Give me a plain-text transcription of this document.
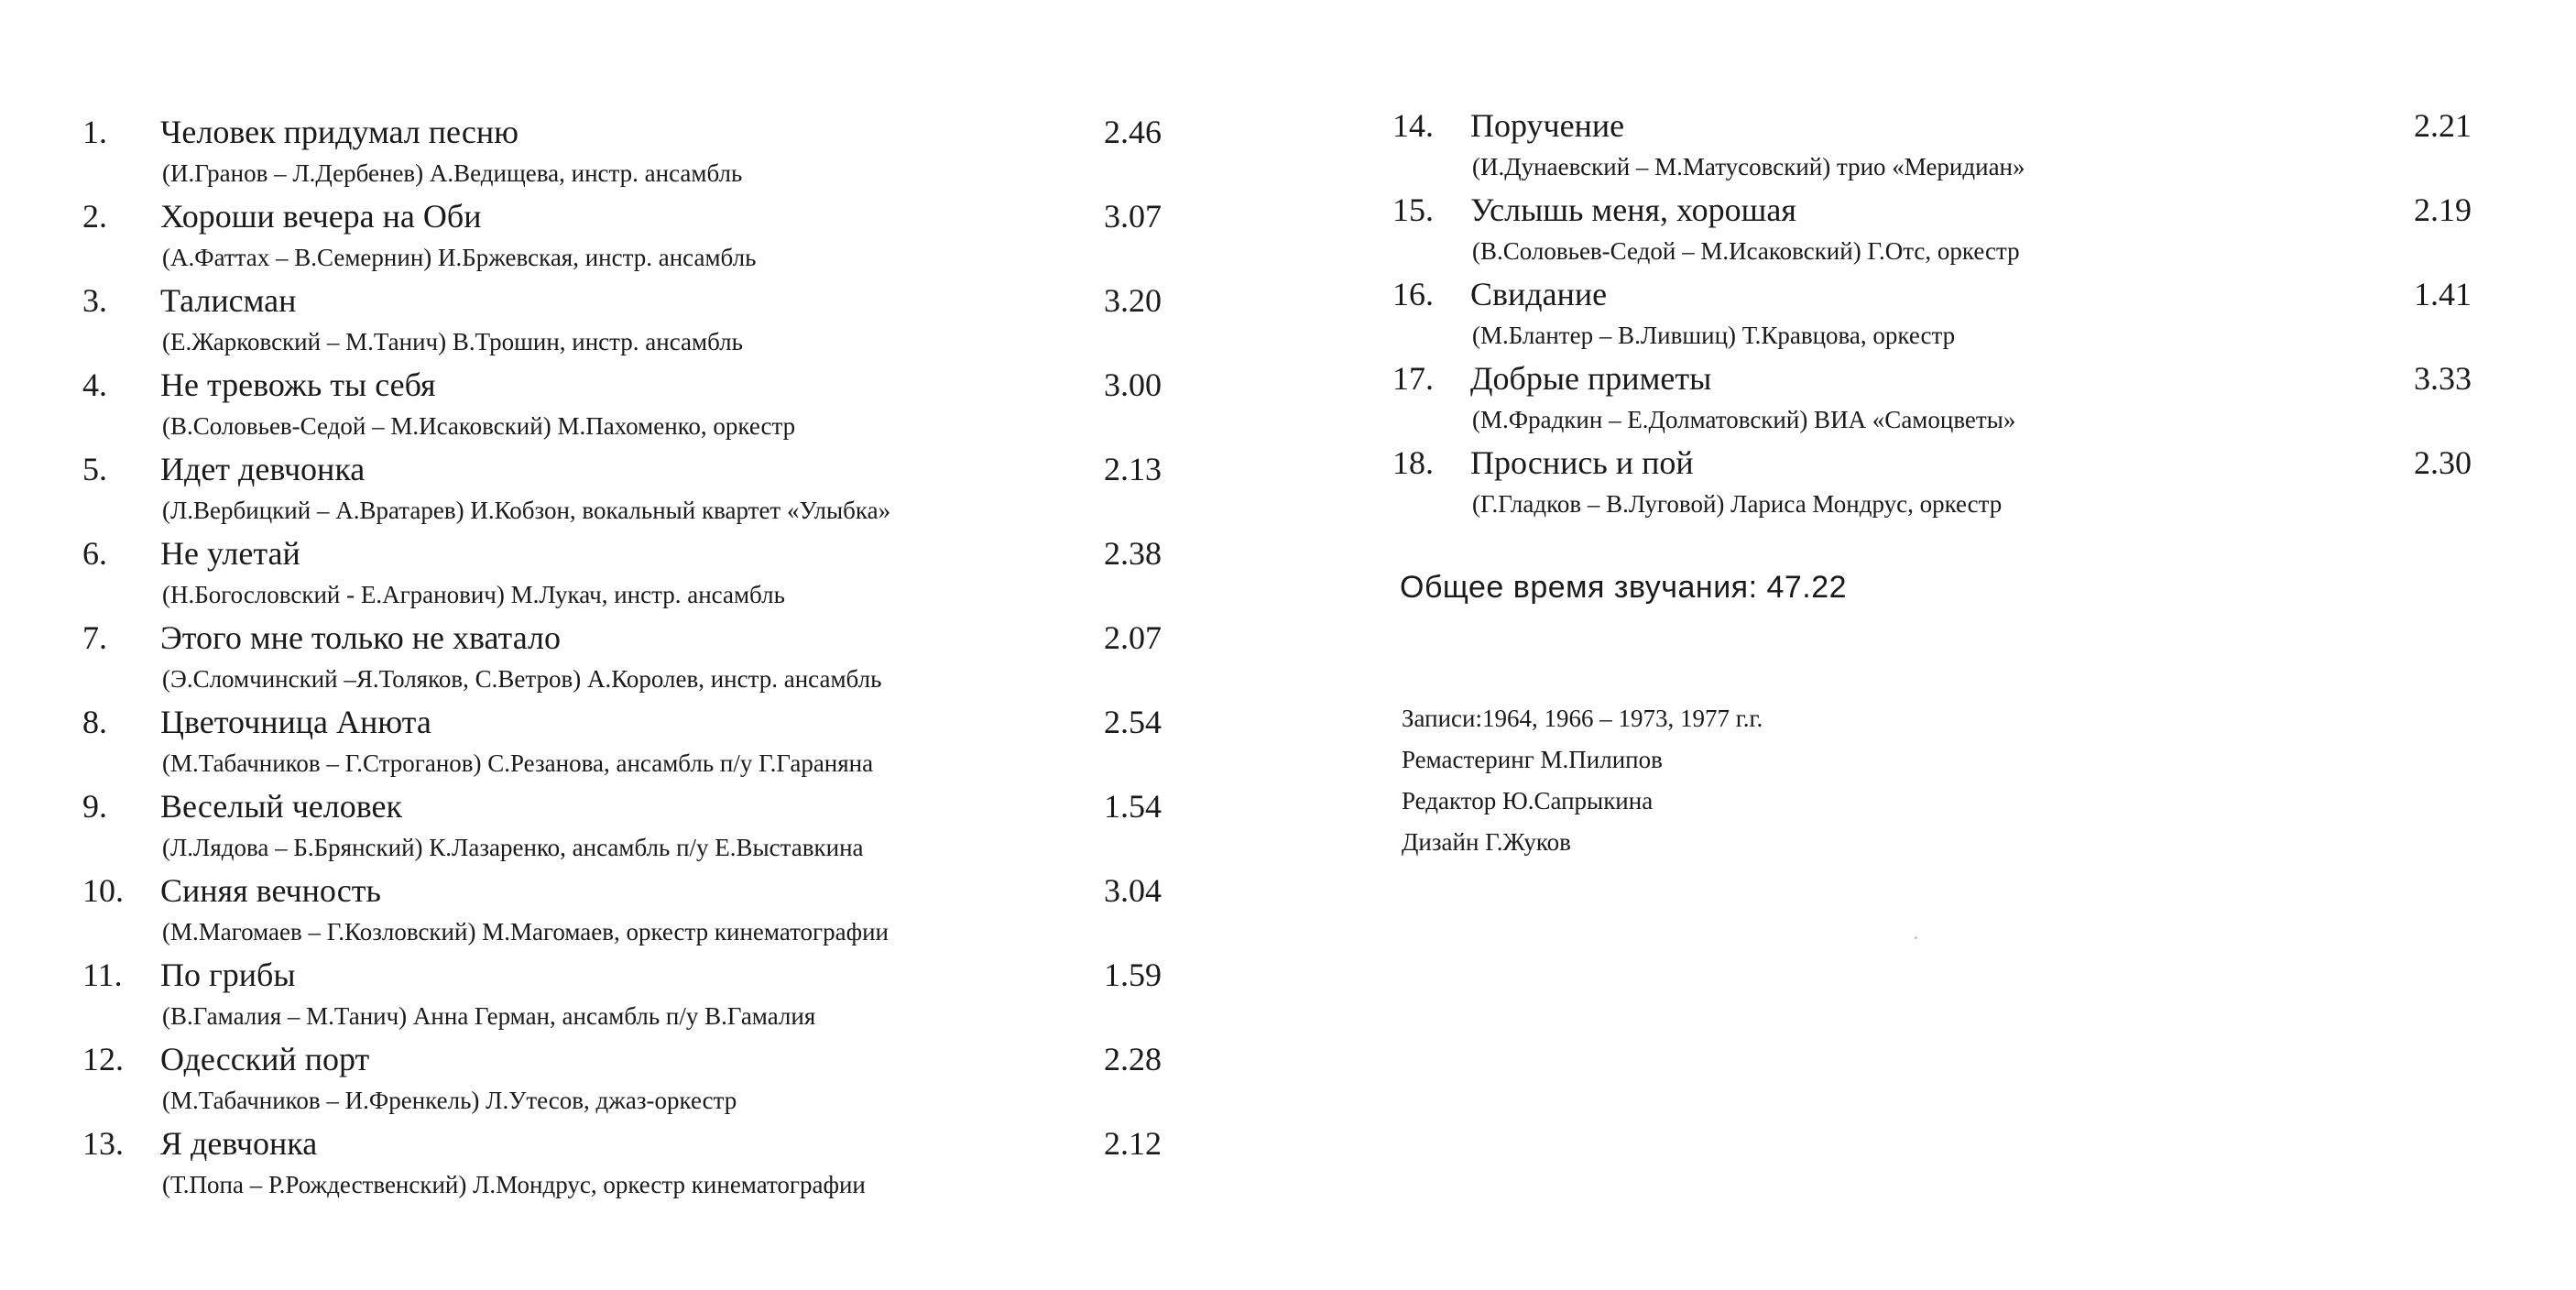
1. Человек придумал песню
(И.Гранов – Л.Дербенев) А.Ведищева, инстр. ансамбль
2.46
2. Хороши вечера на Оби
(А.Фаттах – В.Семернин) И.Бржевская, инстр. ансамбль
3.07
3. Талисман
(Е.Жарковский – М.Танич) В.Трошин, инстр. ансамбль
3.20
4. Не тревожь ты себя
(В.Соловьев-Седой – М.Исаковский) М.Пахоменко, оркестр
3.00
5. Идет девчонка
(Л.Вербицкий – А.Вратарев) И.Кобзон, вокальный квартет «Улыбка»
2.13
6. Не улетай
(Н.Богословский - Е.Агранович) М.Лукач, инстр. ансамбль
2.38
7. Этого мне только не хватало
(Э.Сломчинский –Я.Толяков, С.Ветров) А.Королев, инстр. ансамбль
2.07
8. Цветочница Анюта
(М.Табачников – Г.Строганов) С.Резанова, ансамбль п/у Г.Гараняна
2.54
9. Веселый человек
(Л.Лядова – Б.Брянский) К.Лазаренко, ансамбль п/у Е.Выставкина
1.54
10. Синяя вечность
(М.Магомаев – Г.Козловский) М.Магомаев, оркестр кинематографии
3.04
11. По грибы
(В.Гамалия – М.Танич) Анна Герман, ансамбль п/у В.Гамалия
1.59
12. Одесский порт
(М.Табачников – И.Френкель) Л.Утесов, джаз-оркестр
2.28
13. Я девчонка
(Т.Попа – Р.Рождественский) Л.Мондрус, оркестр кинематографии
2.12
14. Поручение
(И.Дунаевский – М.Матусовский) трио «Меридиан»
2.21
15. Услышь меня, хорошая
(В.Соловьев-Седой – М.Исаковский) Г.Отс, оркестр
2.19
16. Свидание
(М.Блантер – В.Лившиц) Т.Кравцова, оркестр
1.41
17. Добрые приметы
(М.Фрадкин – Е.Долматовский) ВИА «Самоцветы»
3.33
18. Проснись и пой
(Г.Гладков – В.Луговой) Лариса Мондрус, оркестр
2.30
Общее время звучания: 47.22
Записи:1964, 1966 – 1973, 1977 г.г.
Ремастеринг М.Пилипов
Редактор Ю.Сапрыкина
Дизайн Г.Жуков
